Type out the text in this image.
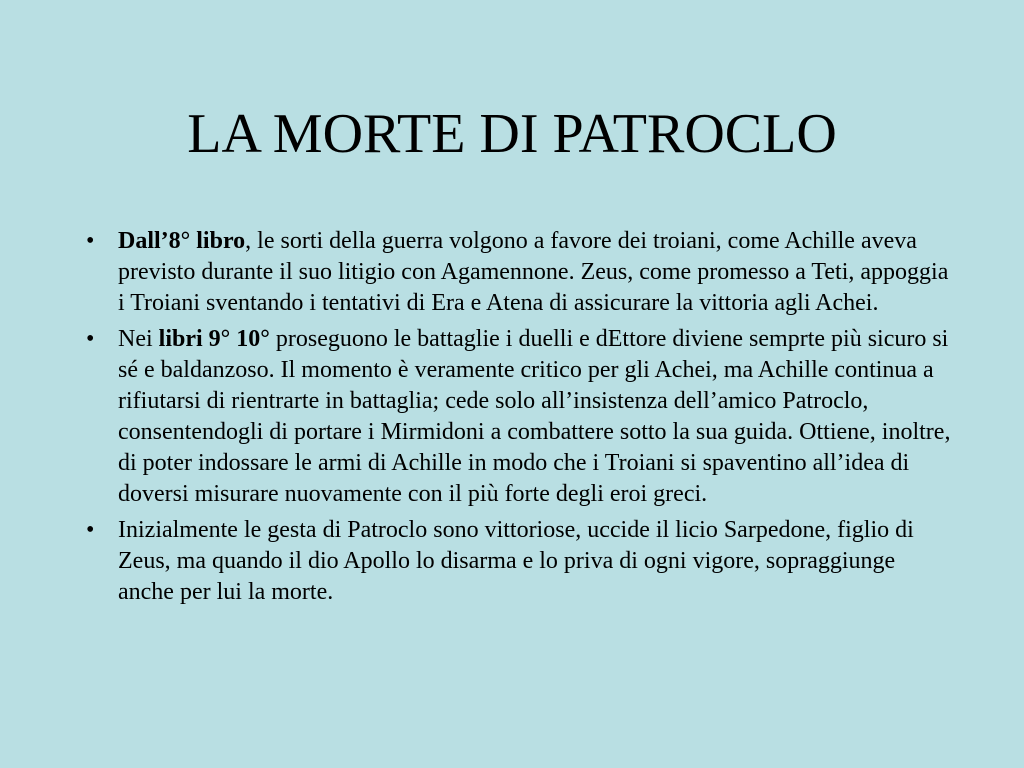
LA MORTE DI PATROCLO
• Dall’8° libro, le sorti della guerra volgono a favore dei troiani, come Achille aveva previsto durante il suo litigio con Agamennone. Zeus, come promesso a Teti, appoggia i Troiani sventando i tentativi di Era e Atena di assicurare la vittoria agli Achei.
• Nei libri 9° 10° proseguono le battaglie i duelli e dEttore diviene semprte più sicuro si sé e baldanzoso. Il momento è veramente critico per gli Achei, ma Achille continua a rifiutarsi di rientrarte in battaglia; cede solo all’insistenza dell’amico Patroclo, consentendogli di portare i Mirmidoni a combattere sotto la sua guida. Ottiene, inoltre, di poter indossare le armi di Achille in modo che i Troiani si spaventino all’idea di doversi misurare nuovamente con il più forte degli eroi greci.
• Inizialmente le gesta di Patroclo sono vittoriose, uccide il licio Sarpedone, figlio di Zeus, ma quando il dio Apollo lo disarma e lo priva di ogni vigore, sopraggiunge anche per lui la morte.
